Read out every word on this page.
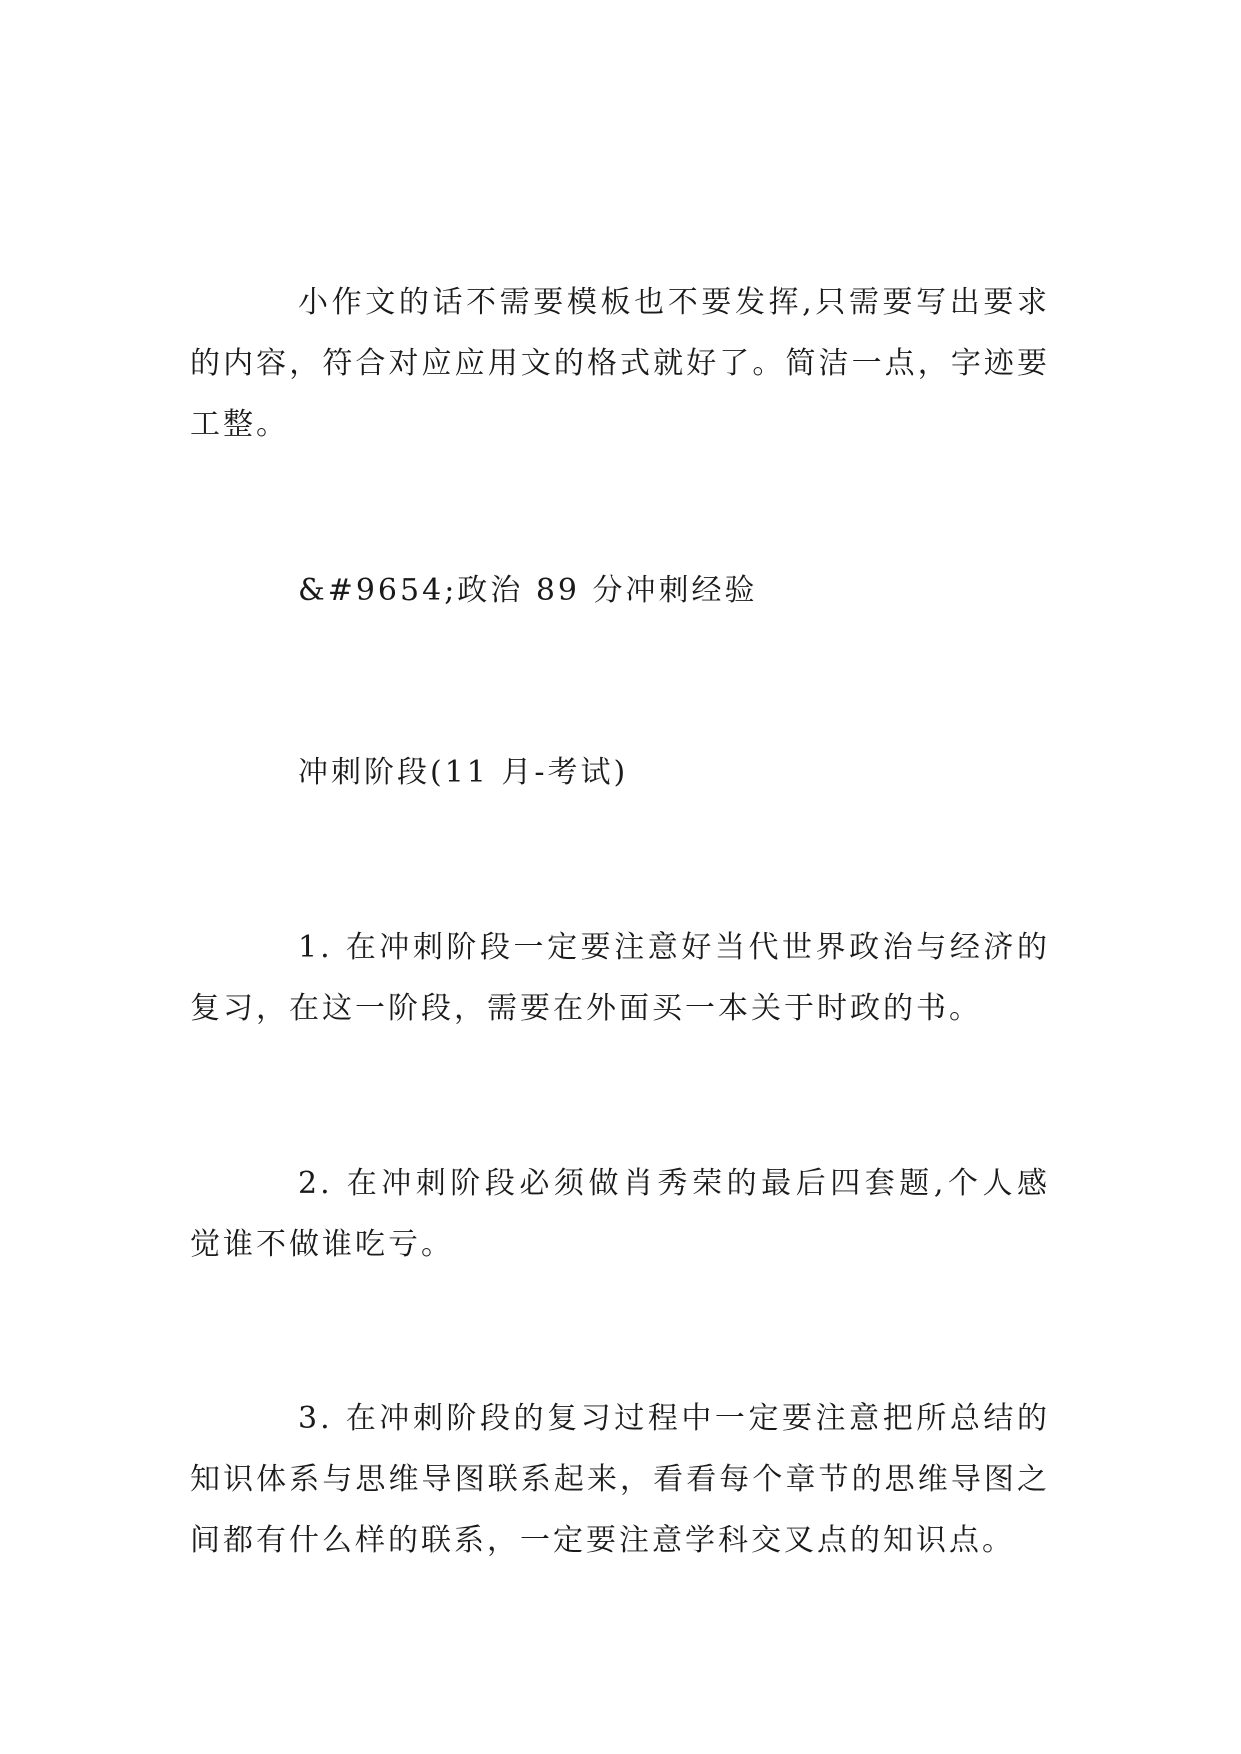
小作文的话不需要模板也不要发挥,只需要写出要求的内容，符合对应应用文的格式就好了。简洁一点，字迹要工整。

&#9654;政治 89 分冲刺经验

冲刺阶段(11 月-考试)

1. 在冲刺阶段一定要注意好当代世界政治与经济的复习，在这一阶段，需要在外面买一本关于时政的书。

2. 在冲刺阶段必须做肖秀荣的最后四套题,个人感觉谁不做谁吃亏。

3. 在冲刺阶段的复习过程中一定要注意把所总结的知识体系与思维导图联系起来，看看每个章节的思维导图之间都有什么样的联系，一定要注意学科交叉点的知识点。
